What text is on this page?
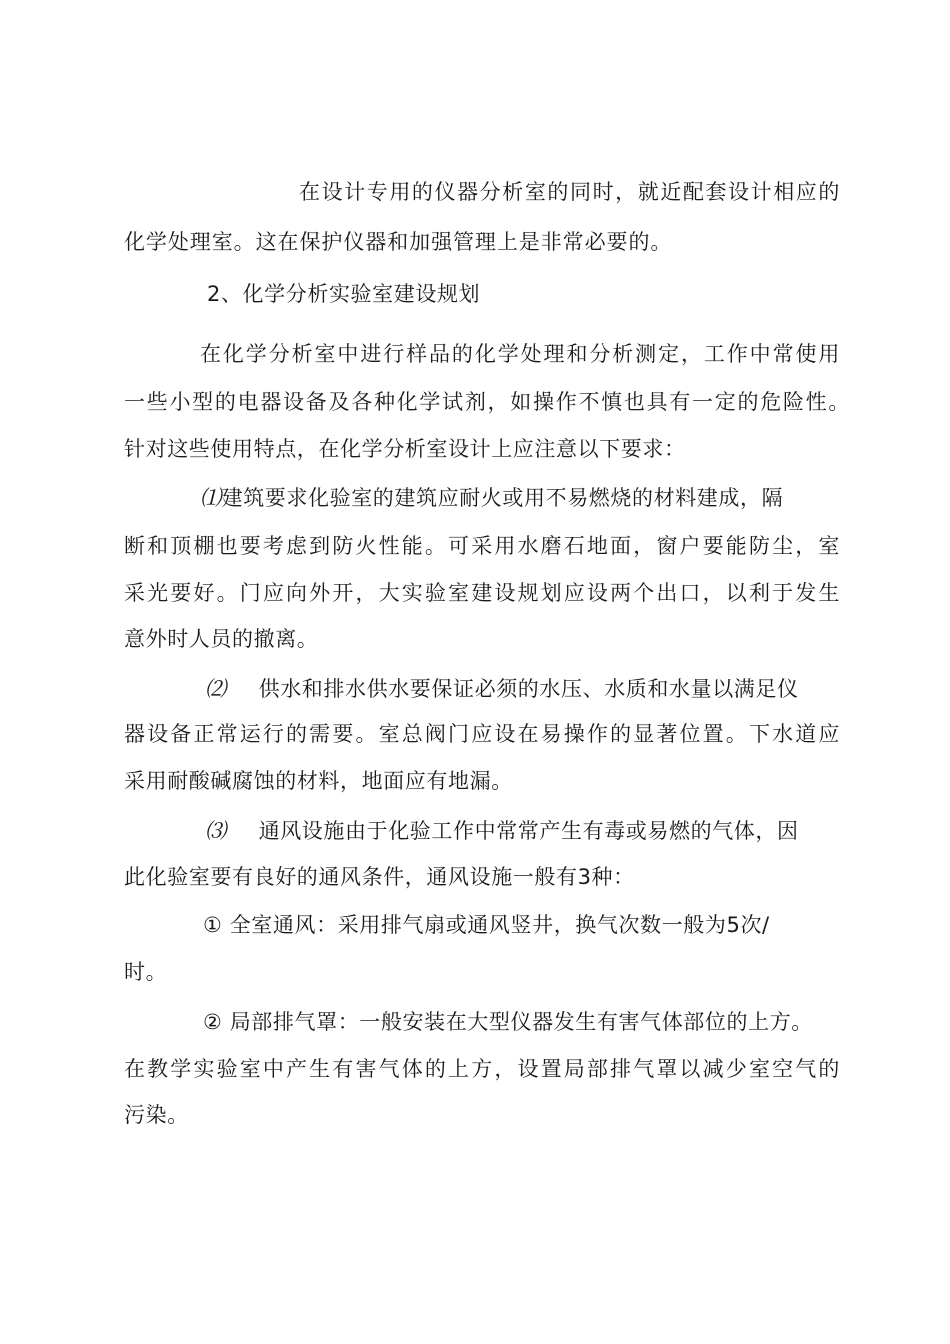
在设计专用的仪器分析室的同时，就近配套设计相应的
化学处理室。这在保护仪器和加强管理上是非常必要的。
2、化学分析实验室建设规划
在化学分析室中进行样品的化学处理和分析测定，工作中常使用
一些小型的电器设备及各种化学试剂，如操作不慎也具有一定的危险性。
针对这些使用特点，在化学分析室设计上应注意以下要求：
⑴建筑要求化验室的建筑应耐火或用不易燃烧的材料建成，隔
断和顶棚也要考虑到防火性能。可采用水磨石地面，窗户要能防尘，室
采光要好。门应向外开，大实验室建设规划应设两个出口，以利于发生
意外时人员的撤离。
⑵ 供水和排水供水要保证必须的水压、水质和水量以满足仪
器设备正常运行的需要。室总阀门应设在易操作的显著位置。下水道应
采用耐酸碱腐蚀的材料，地面应有地漏。
⑶ 通风设施由于化验工作中常常产生有毒或易燃的气体，因
此化验室要有良好的通风条件，通风设施一般有3种：
① 全室通风：采用排气扇或通风竖井，换气次数一般为5次/
时。
② 局部排气罩：一般安装在大型仪器发生有害气体部位的上方。
在教学实验室中产生有害气体的上方，设置局部排气罩以减少室空气的
污染。
